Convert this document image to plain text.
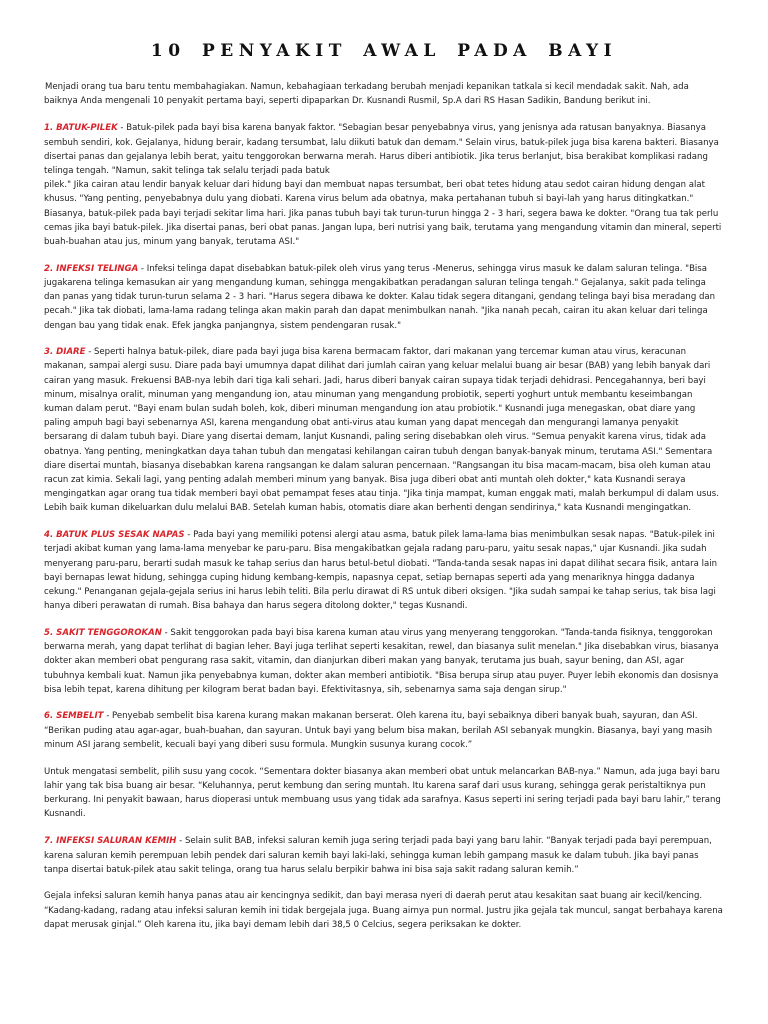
10 PENYAKIT AWAL PADA BAYI

Menjadi orang tua baru tentu membahagiakan. Namun, kebahagiaan terkadang berubah menjadi kepanikan tatkala si kecil mendadak sakit. Nah, ada baiknya Anda mengenali 10 penyakit pertama bayi, seperti dipaparkan Dr. Kusnandi Rusmil, Sp.A dari RS Hasan Sadikin, Bandung berikut ini.

1. BATUK-PILEK - Batuk-pilek pada bayi bisa karena banyak faktor. "Sebagian besar penyebabnya virus, yang jenisnya ada ratusan banyaknya. Biasanya sembuh sendiri, kok. Gejalanya, hidung berair, kadang tersumbat, lalu diikuti batuk dan demam." Selain virus, batuk-pilek juga bisa karena bakteri. Biasanya disertai panas dan gejalanya lebih berat, yaitu tenggorokan berwarna merah. Harus diberi antibiotik. Jika terus berlanjut, bisa berakibat komplikasi radang telinga tengah. "Namun, sakit telinga tak selalu terjadi pada batuk
pilek." Jika cairan atau lendir banyak keluar dari hidung bayi dan membuat napas tersumbat, beri obat tetes hidung atau sedot cairan hidung dengan alat khusus. "Yang penting, penyebabnya dulu yang diobati. Karena virus belum ada obatnya, maka pertahanan tubuh si bayi-lah yang harus ditingkatkan." Biasanya, batuk-pilek pada bayi terjadi sekitar lima hari. Jika panas tubuh bayi tak turun-turun hingga 2 - 3 hari, segera bawa ke dokter. "Orang tua tak perlu cemas jika bayi batuk-pilek. Jika disertai panas, beri obat panas. Jangan lupa, beri nutrisi yang baik, terutama yang mengandung vitamin dan mineral, seperti buah-buahan atau jus, minum yang banyak, terutama ASI."

2. INFEKSI TELINGA - Infeksi telinga dapat disebabkan batuk-pilek oleh virus yang terus -Menerus, sehingga virus masuk ke dalam saluran telinga. "Bisa jugakarena telinga kemasukan air yang mengandung kuman, sehingga mengakibatkan peradangan saluran telinga tengah." Gejalanya, sakit pada telinga dan panas yang tidak turun-turun selama 2 - 3 hari. "Harus segera dibawa ke dokter. Kalau tidak segera ditangani, gendang telinga bayi bisa meradang dan pecah." Jika tak diobati, lama-lama radang telinga akan makin parah dan dapat menimbulkan nanah. "Jika nanah pecah, cairan itu akan keluar dari telinga dengan bau yang tidak enak. Efek jangka panjangnya, sistem pendengaran rusak."

3. DIARE - Seperti halnya batuk-pilek, diare pada bayi juga bisa karena bermacam faktor, dari makanan yang tercemar kuman atau virus, keracunan makanan, sampai alergi susu. Diare pada bayi umumnya dapat dilihat dari jumlah cairan yang keluar melalui buang air besar (BAB) yang lebih banyak dari cairan yang masuk. Frekuensi BAB-nya lebih dari tiga kali sehari. Jadi, harus diberi banyak cairan supaya tidak terjadi dehidrasi. Pencegahannya, beri bayi minum, misalnya oralit, minuman yang mengandung ion, atau minuman yang mengandung probiotik, seperti yoghurt untuk membantu keseimbangan kuman dalam perut. "Bayi enam bulan sudah boleh, kok, diberi minuman mengandung ion atau probiotik." Kusnandi juga menegaskan, obat diare yang paling ampuh bagi bayi sebenarnya ASI, karena mengandung obat anti-virus atau kuman yang dapat mencegah dan mengurangi lamanya penyakit bersarang di dalam tubuh bayi. Diare yang disertai demam, lanjut Kusnandi, paling sering disebabkan oleh virus. "Semua penyakit karena virus, tidak ada obatnya. Yang penting, meningkatkan daya tahan tubuh dan mengatasi kehilangan cairan tubuh dengan banyak-banyak minum, terutama ASI." Sementara diare disertai muntah, biasanya disebabkan karena rangsangan ke dalam saluran pencernaan. "Rangsangan itu bisa macam-macam, bisa oleh kuman atau racun zat kimia. Sekali lagi, yang penting adalah memberi minum yang banyak. Bisa juga diberi obat anti muntah oleh dokter," kata Kusnandi seraya mengingatkan agar orang tua tidak memberi bayi obat pemampat feses atau tinja. "Jika tinja mampat, kuman enggak mati, malah berkumpul di dalam usus. Lebih baik kuman dikeluarkan dulu melalui BAB. Setelah kuman habis, otomatis diare akan berhenti dengan sendirinya," kata Kusnandi mengingatkan.

4. BATUK PLUS SESAK NAPAS - Pada bayi yang memiliki potensi alergi atau asma, batuk pilek lama-lama bias menimbulkan sesak napas. "Batuk-pilek ini terjadi akibat kuman yang lama-lama menyebar ke paru-paru. Bisa mengakibatkan gejala radang paru-paru, yaitu sesak napas," ujar Kusnandi. Jika sudah menyerang paru-paru, berarti sudah masuk ke tahap serius dan harus betul-betul diobati. "Tanda-tanda sesak napas ini dapat dilihat secara fisik, antara lain bayi bernapas lewat hidung, sehingga cuping hidung kembang-kempis, napasnya cepat, setiap bernapas seperti ada yang menariknya hingga dadanya cekung." Penanganan gejala-gejala serius ini harus lebih teliti. Bila perlu dirawat di RS untuk diberi oksigen. "Jika sudah sampai ke tahap serius, tak bisa lagi hanya diberi perawatan di rumah. Bisa bahaya dan harus segera ditolong dokter," tegas Kusnandi.

5. SAKIT TENGGOROKAN - Sakit tenggorokan pada bayi bisa karena kuman atau virus yang menyerang tenggorokan. "Tanda-tanda fisiknya, tenggorokan berwarna merah, yang dapat terlihat di bagian leher. Bayi juga terlihat seperti kesakitan, rewel, dan biasanya sulit menelan." Jika disebabkan virus, biasanya dokter akan memberi obat pengurang rasa sakit, vitamin, dan dianjurkan diberi makan yang banyak, terutama jus buah, sayur bening, dan ASI, agar tubuhnya kembali kuat. Namun jika penyebabnya kuman, dokter akan memberi antibiotik. "Bisa berupa sirup atau puyer. Puyer lebih ekonomis dan dosisnya bisa lebih tepat, karena dihitung per kilogram berat badan bayi. Efektivitasnya, sih, sebenarnya sama saja dengan sirup."

6. SEMBELIT - Penyebab sembelit bisa karena kurang makan makanan berserat. Oleh karena itu, bayi sebaiknya diberi banyak buah, sayuran, dan ASI. “Berikan puding atau agar-agar, buah-buahan, dan sayuran. Untuk bayi yang belum bisa makan, berilah ASI sebanyak mungkin. Biasanya, bayi yang masih minum ASI jarang sembelit, kecuali bayi yang diberi susu formula. Mungkin susunya kurang cocok.”

Untuk mengatasi sembelit, pilih susu yang cocok. “Sementara dokter biasanya akan memberi obat untuk melancarkan BAB-nya.” Namun, ada juga bayi baru lahir yang tak bisa buang air besar. “Keluhannya, perut kembung dan sering muntah. Itu karena saraf dari usus kurang, sehingga gerak peristaltiknya pun berkurang. Ini penyakit bawaan, harus dioperasi untuk membuang usus yang tidak ada sarafnya. Kasus seperti ini sering terjadi pada bayi baru lahir,” terang Kusnandi.

7. INFEKSI SALURAN KEMIH - Selain sulit BAB, infeksi saluran kemih juga sering terjadi pada bayi yang baru lahir. “Banyak terjadi pada bayi perempuan, karena saluran kemih perempuan lebih pendek dari saluran kemih bayi laki-laki, sehingga kuman lebih gampang masuk ke dalam tubuh. Jika bayi panas tanpa disertai batuk-pilek atau sakit telinga, orang tua harus selalu berpikir bahwa ini bisa saja sakit radang saluran kemih.”

Gejala infeksi saluran kemih hanya panas atau air kencingnya sedikit, dan bayi merasa nyeri di daerah perut atau kesakitan saat buang air kecil/kencing. “Kadang-kadang, radang atau infeksi saluran kemih ini tidak bergejala juga. Buang airnya pun normal. Justru jika gejala tak muncul, sangat berbahaya karena dapat merusak ginjal.” Oleh karena itu, jika bayi demam lebih dari 38,5 0 Celcius, segera periksakan ke dokter.
